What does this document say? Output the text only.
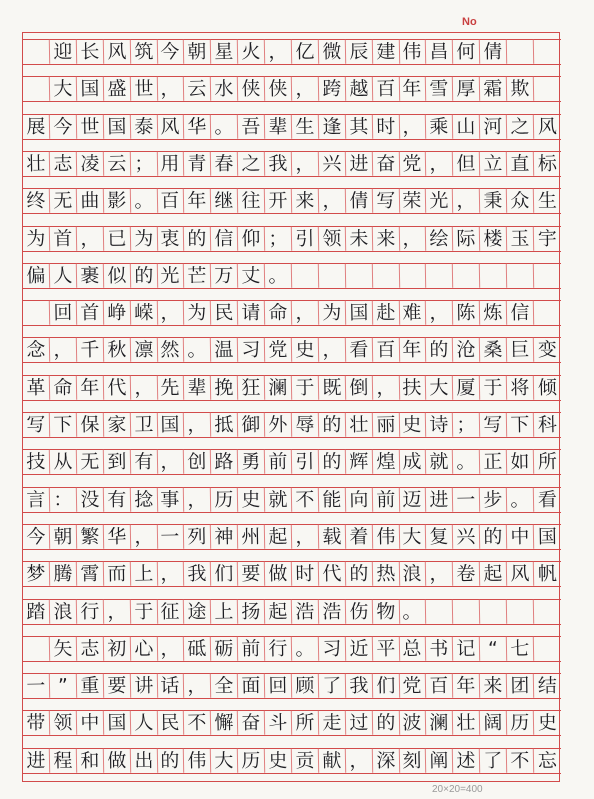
No
迎 长 风 筑 今 朝 星 火 ， 亿 微 辰 建 伟 昌 何 倩
大 国 盛 世 ， 云 水 侠 侠 ， 跨 越 百 年 雪 厚 霜 欺
展 今 世 国 泰 风 华 。 吾 辈 生 逢 其 时 ， 乘 山 河 之 风
壮 志 凌 云 ； 用 青 春 之 我 ， 兴 进 奋 党 ， 但 立 直 标
终 无 曲 影 。 百 年 继 往 开 来 ， 倩 写 荣 光 ， 秉 众 生
为 首 ， 已 为 衷 的 信 仰 ； 引 领 未 来 ， 绘 际 楼 玉 宇
偏 人 裹 似 的 光 芒 万 丈 。
回 首 峥 嵘 ， 为 民 请 命 ， 为 国 赴 难 ， 陈 炼 信
念 ， 千 秋 凛 然 。 温 习 党 史 ， 看 百 年 的 沧 桑 巨 变
革 命 年 代 ， 先 辈 挽 狂 澜 于 既 倒 ， 扶 大 厦 于 将 倾
写 下 保 家 卫 国 ， 抵 御 外 辱 的 壮 丽 史 诗 ； 写 下 科
技 从 无 到 有 ， 创 路 勇 前 引 的 辉 煌 成 就 。 正 如 所
言 ： 没 有 捻 事 ， 历 史 就 不 能 向 前 迈 进 一 步 。 看
今 朝 繁 华 ， 一 列 神 州 起 ， 载 着 伟 大 复 兴 的 中 国
梦 腾 霄 而 上 ， 我 们 要 做 时 代 的 热 浪 ， 卷 起 风 帆
踏 浪 行 ， 于 征 途 上 扬 起 浩 浩 伤 物 。
矢 志 初 心 ， 砥 砺 前 行 。 习 近 平 总 书 记 “ 七
一 ” 重 要 讲 话 ， 全 面 回 顾 了 我 们 党 百 年 来 团 结
带 领 中 国 人 民 不 懈 奋 斗 所 走 过 的 波 澜 壮 阔 历 史
进 程 和 做 出 的 伟 大 历 史 贡 献 ， 深 刻 阐 述 了 不 忘
20×20=400
